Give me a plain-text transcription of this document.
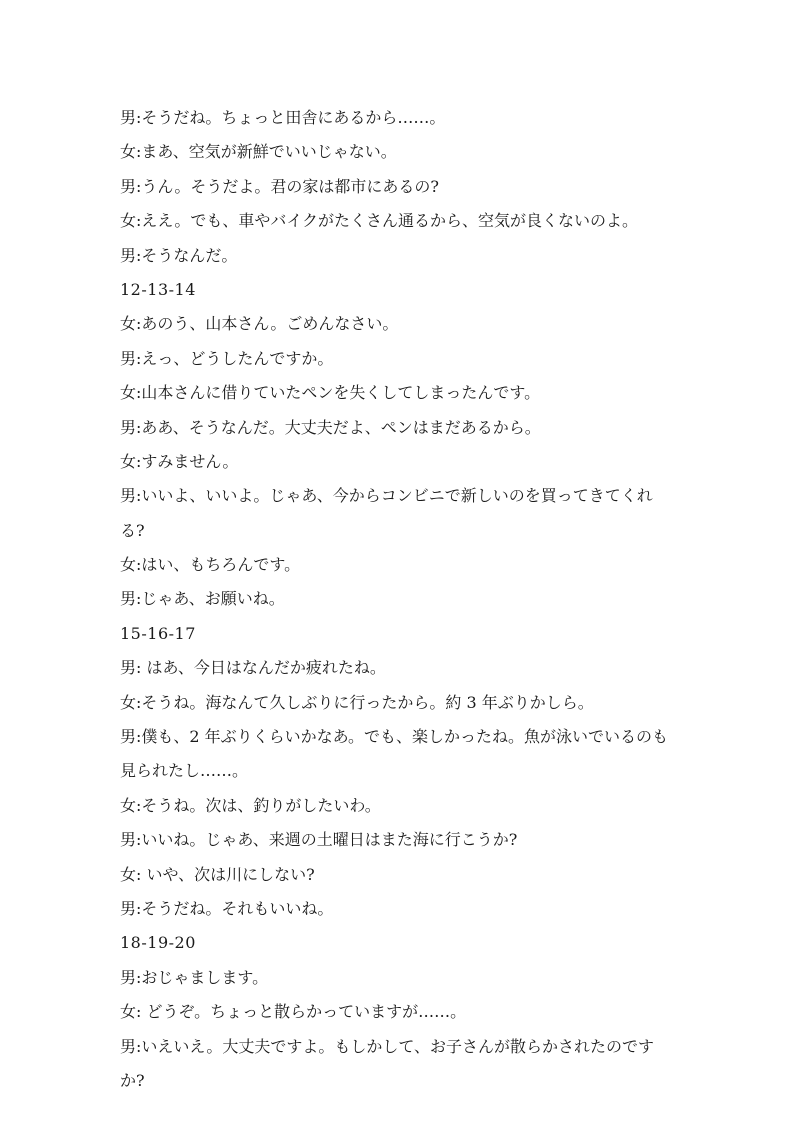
男:そうだね。ちょっと田舎にあるから……。
女:まあ、空気が新鮮でいいじゃない。
男:うん。そうだよ。君の家は都市にあるの?
女:ええ。でも、車やバイクがたくさん通るから、空気が良くないのよ。
男:そうなんだ。
12-13-14
女:あのう、山本さん。ごめんなさい。
男:えっ、どうしたんですか。
女:山本さんに借りていたペンを失くしてしまったんです。
男:ああ、そうなんだ。大丈夫だよ、ペンはまだあるから。
女:すみません。
男:いいよ、いいよ。じゃあ、今からコンビニで新しいのを買ってきてくれ
る?
女:はい、もちろんです。
男:じゃあ、お願いね。
15-16-17
男: はあ、今日はなんだか疲れたね。
女:そうね。海なんて久しぶりに行ったから。約 3 年ぶりかしら。
男:僕も、2 年ぶりくらいかなあ。でも、楽しかったね。魚が泳いでいるのも
見られたし……。
女:そうね。次は、釣りがしたいわ。
男:いいね。じゃあ、来週の土曜日はまた海に行こうか?
女: いや、次は川にしない?
男:そうだね。それもいいね。
18-19-20
男:おじゃまします。
女: どうぞ。ちょっと散らかっていますが……。
男:いえいえ。大丈夫ですよ。もしかして、お子さんが散らかされたのです
か?
